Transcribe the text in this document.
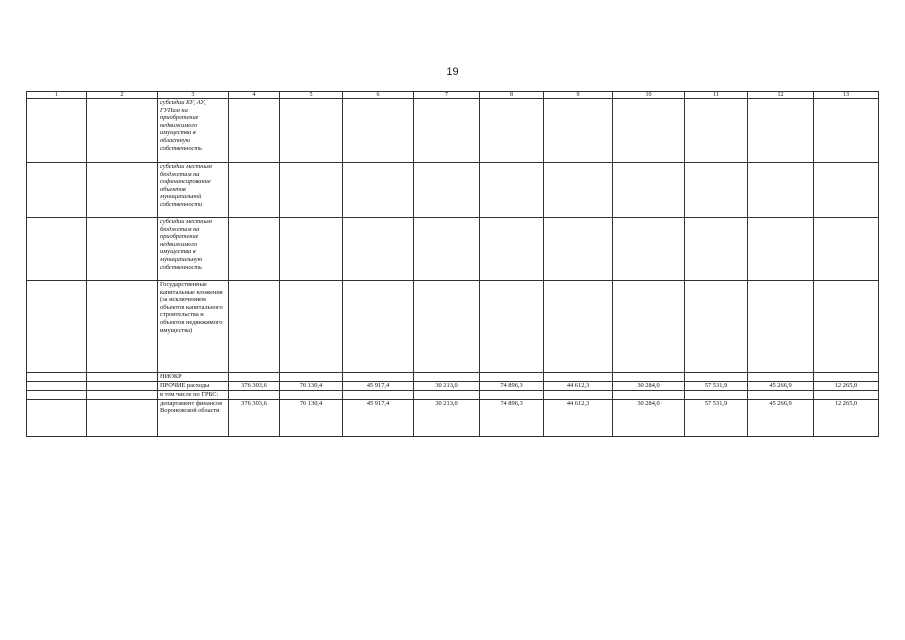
19
1	2	3	4	5	6	7	8	9	10	11	12	13
		субсидии БУ, АУ, ГУПам на приобретение недвижимого имущества в областную собственность										
		субсидии местным бюджетам на софинансирование объектов муниципальной собственности										
		субсидии местным бюджетам на приобретение недвижимого имущества в муниципальную собственность										
		Государственные капитальные вложения (за исключением объектов капитального строительства и объектов недвижимого имущества)										
		НИОКР										
		ПРОЧИЕ расходы	376 303,6	76 130,4	45 917,4	30 213,0	74 896,3	44 612,3	30 284,0	57 531,9	45 266,9	12 265,0
		в том числе по ГРБС:										
		департамент финансов Воронежской области	376 303,6	76 130,4	45 917,4	30 213,0	74 896,3	44 612,3	30 284,0	57 531,9	45 266,9	12 265,0
